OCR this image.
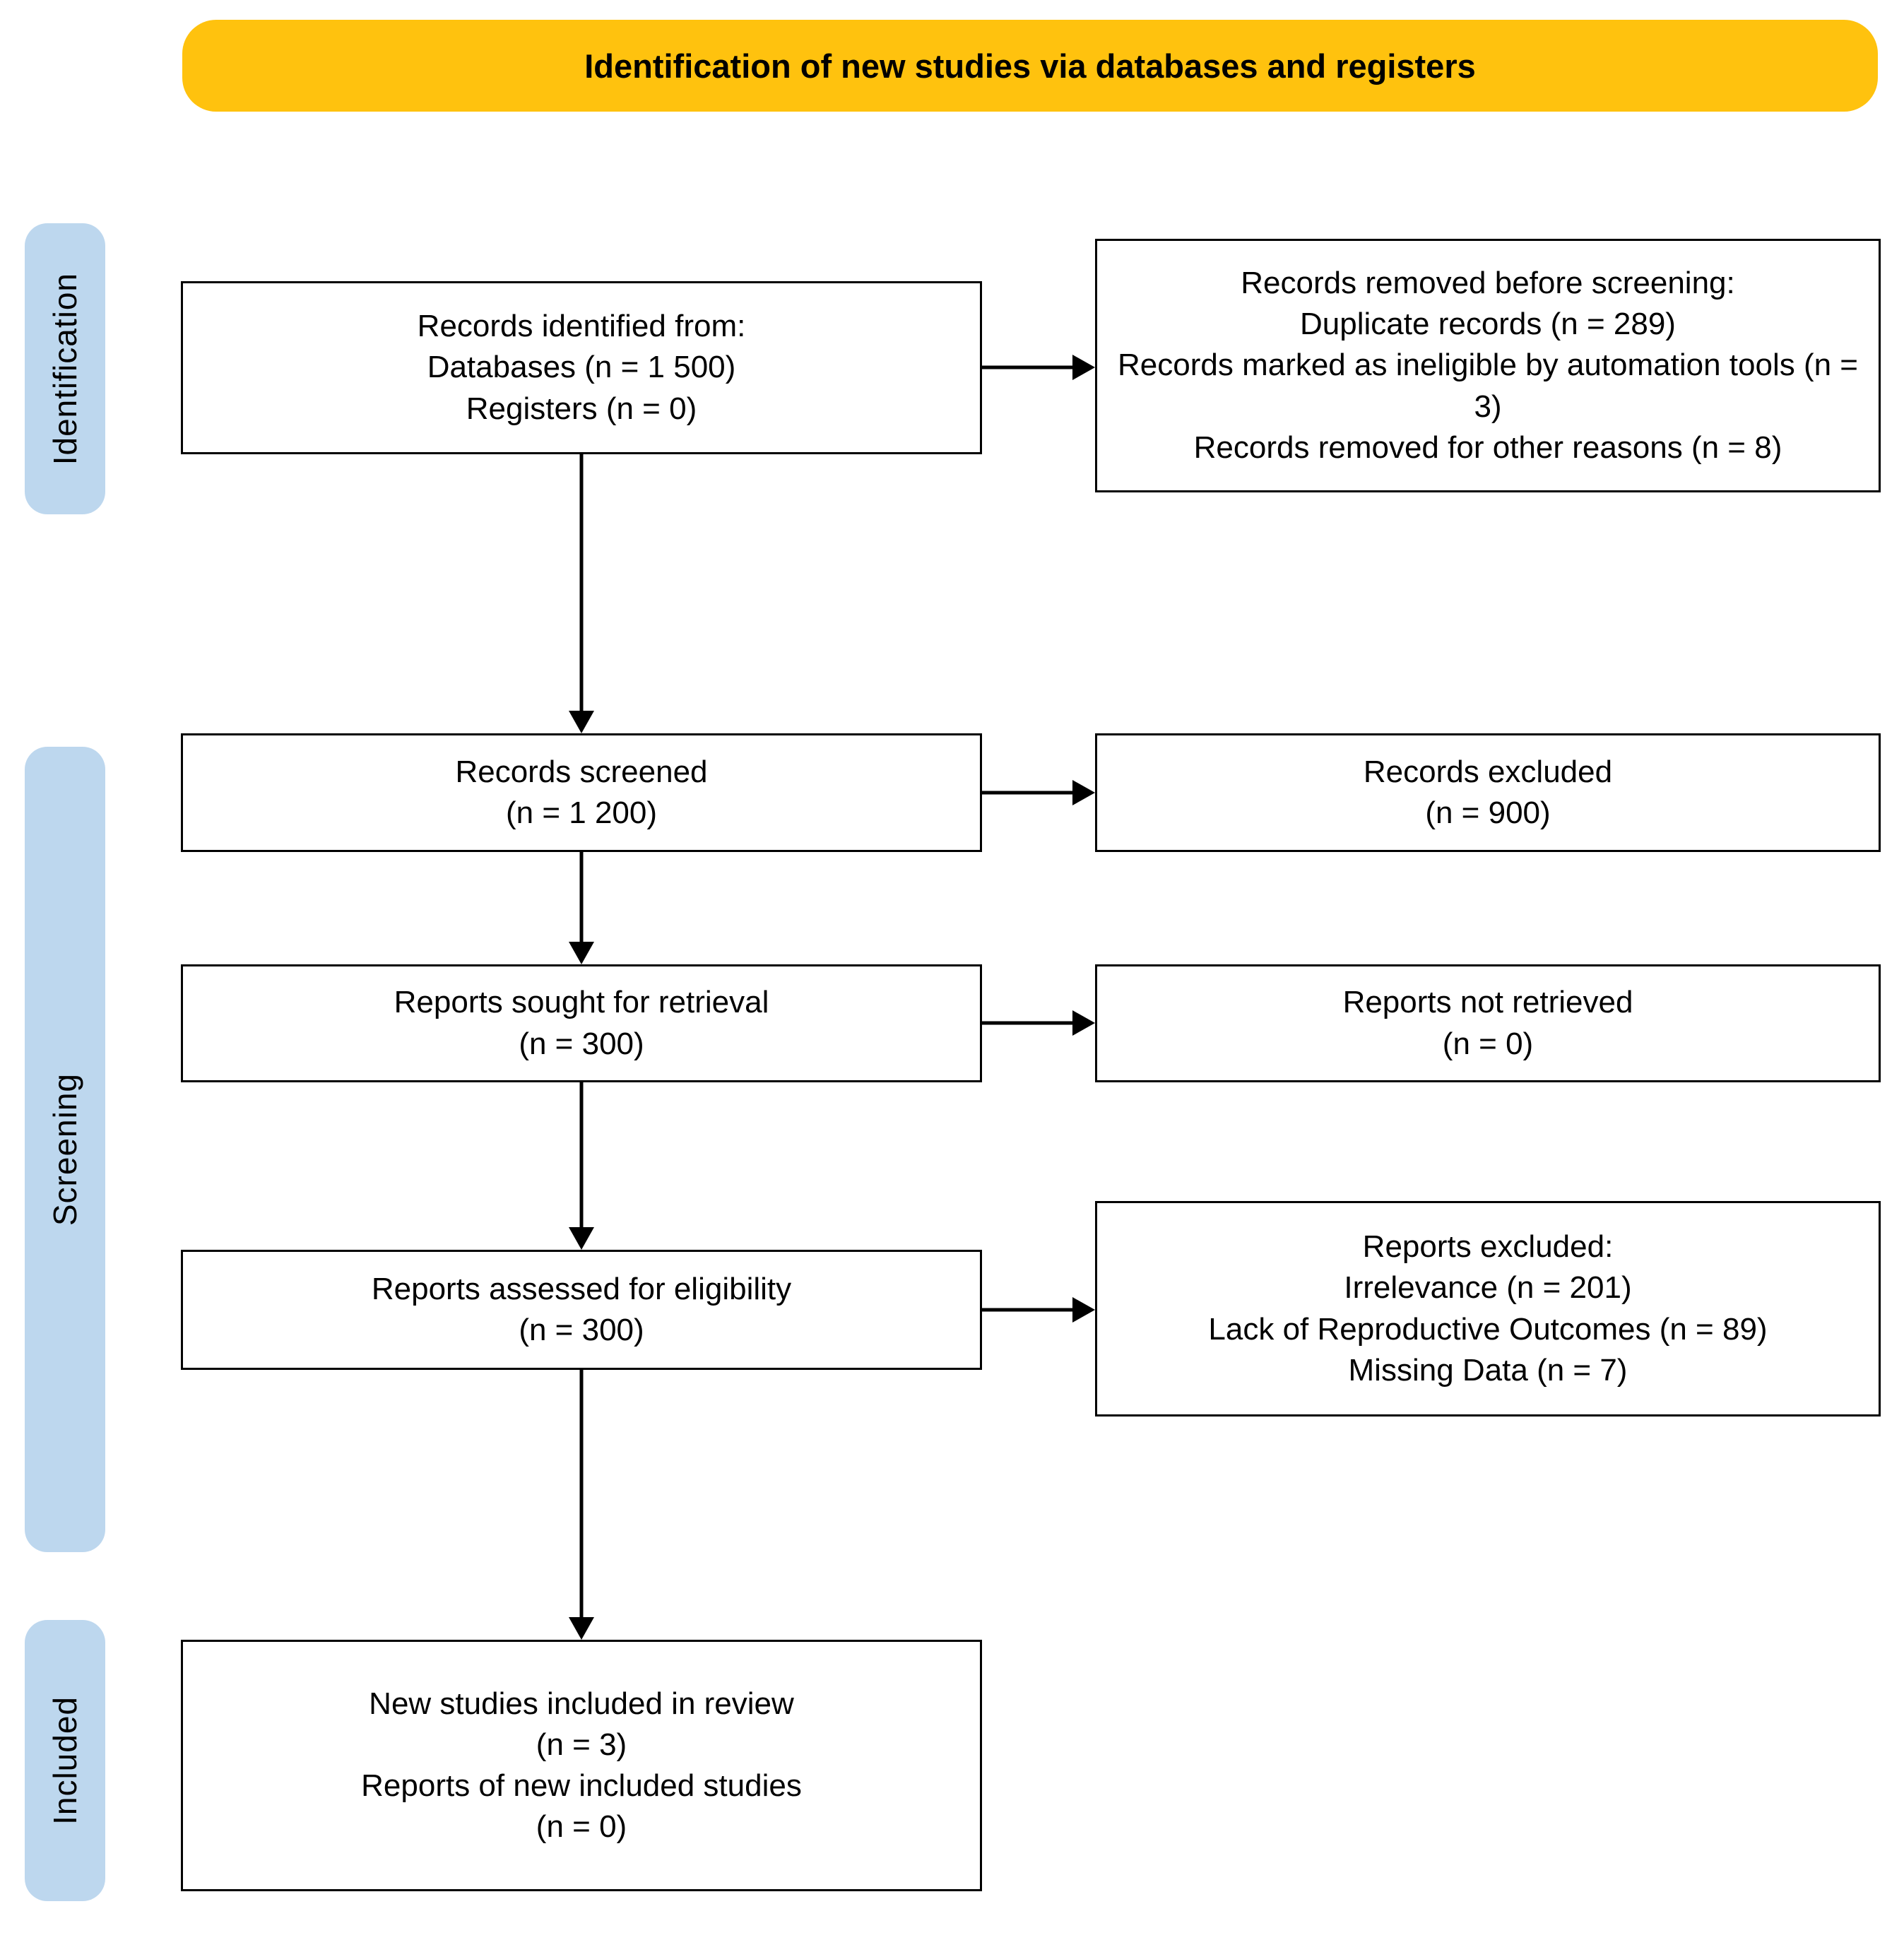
Identification of new studies via databases and registers
Identification
Screening
Included
Records identified from:
Databases (n = 1 500)
Registers (n = 0)
Records screened
(n = 1 200)
Reports sought for retrieval
(n = 300)
Reports assessed for eligibility
(n = 300)
New studies included in review
(n = 3)
Reports of new included studies
(n = 0)
Records removed before screening:
Duplicate records (n = 289)
Records marked as ineligible by automation tools (n = 3)
Records removed for other reasons (n = 8)
Records excluded
(n = 900)
Reports not retrieved
(n = 0)
Reports excluded:
Irrelevance (n = 201)
Lack of Reproductive Outcomes (n = 89)
Missing Data (n = 7)
